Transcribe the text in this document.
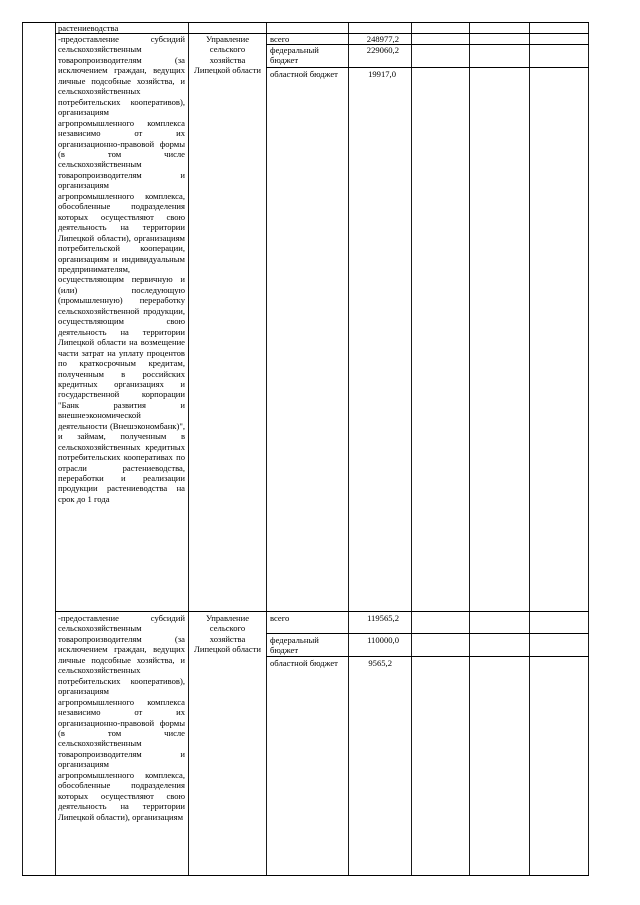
растениеводства

-предоставление субсидий сельскохозяйственным товаропроизводителям (за исключением граждан, ведущих личные подсобные хозяйства, и сельскохозяйственных потребительских кооперативов), организациям агропромышленного комплекса независимо от их организационно-правовой формы (в том числе сельскохозяйственным товаропроизводителям и организациям агропромышленного комплекса, обособленные подразделения которых осуществляют свою деятельность на территории Липецкой области), организациям потребительской кооперации, организациям и индивидуальным предпринимателям, осуществляющим первичную и (или) последующую (промышленную) переработку сельскохозяйственной продукции, осуществляющим свою деятельность на территории Липецкой области на возмещение части затрат на уплату процентов по краткосрочным кредитам, полученным в российских кредитных организациях и государственной корпорации "Банк развития и внешнеэкономической деятельности (Внешэкономбанк)", и займам, полученным в сельскохозяйственных кредитных потребительских кооперативах по отрасли растениеводства, переработки и реализации продукции растениеводства на срок до 1 года

Управление сельского хозяйства Липецкой области

всего
федеральный бюджет
областной бюджет
248977,2
229060,2
19917,0

-предоставление субсидий сельскохозяйственным товаропроизводителям (за исключением граждан, ведущих личные подсобные хозяйства, и сельскохозяйственных потребительских кооперативов), организациям агропромышленного комплекса независимо от их организационно-правовой формы (в том числе сельскохозяйственным товаропроизводителям и организациям агропромышленного комплекса, обособленные подразделения которых осуществляют свою деятельность на территории Липецкой области), организациям

Управление сельского хозяйства Липецкой области

всего
федеральный бюджет
областной бюджет
119565,2
110000,0
9565,2
